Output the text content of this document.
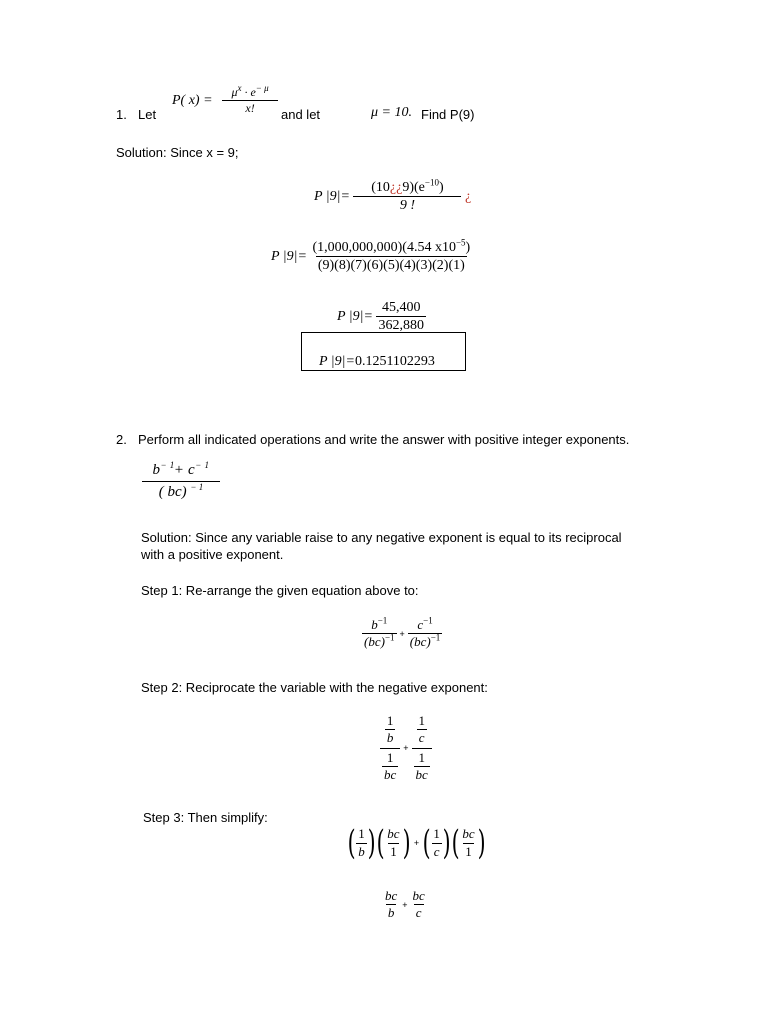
1. Let
P( $x) = \frac{\mu^x \cdot e^{- \mu}}{x!}$ and let	μ = 10. Find P(9)
Solution: Since x = 9;
P $|9|= \frac{(10¿¿9)(e^{-10})}{9 !}$ ¿
P $|9|= \frac{(1,000,000,000)(4.54 x10^{-5})}{(9)(8)(7)(6)(5)(4)(3)(2)(1)}$
P $|9|= \frac{45,400}{362,880}$
P |9|=0.1251102293
2. Perform all indicated operations and write the answer with positive integer exponents.
$\frac{b^{- 1}+ c^{- 1}}{( bc) ^{- 1}}$
Solution: Since any variable raise to any negative exponent is equal to its reciprocal
with a positive exponent.
Step 1: Re-arrange the given equation above to:
$\frac{b^{-1}}{(bc)^{-1}} + \frac{c^{-1}}{(bc)^{-1}}$
Step 2: Reciprocate the variable with the negative exponent:
$\frac{\frac{1}{b}}{\frac{1}{bc}} + \frac{\frac{1}{c}}{\frac{1}{bc}}$
Step 3: Then simplify:
( $\frac{1}{b}$ )( $\frac{bc}{1}$ ) + ( $\frac{1}{c}$ )( $\frac{bc}{1}$ )
$\frac{bc}{b} + \frac{bc}{c}$
